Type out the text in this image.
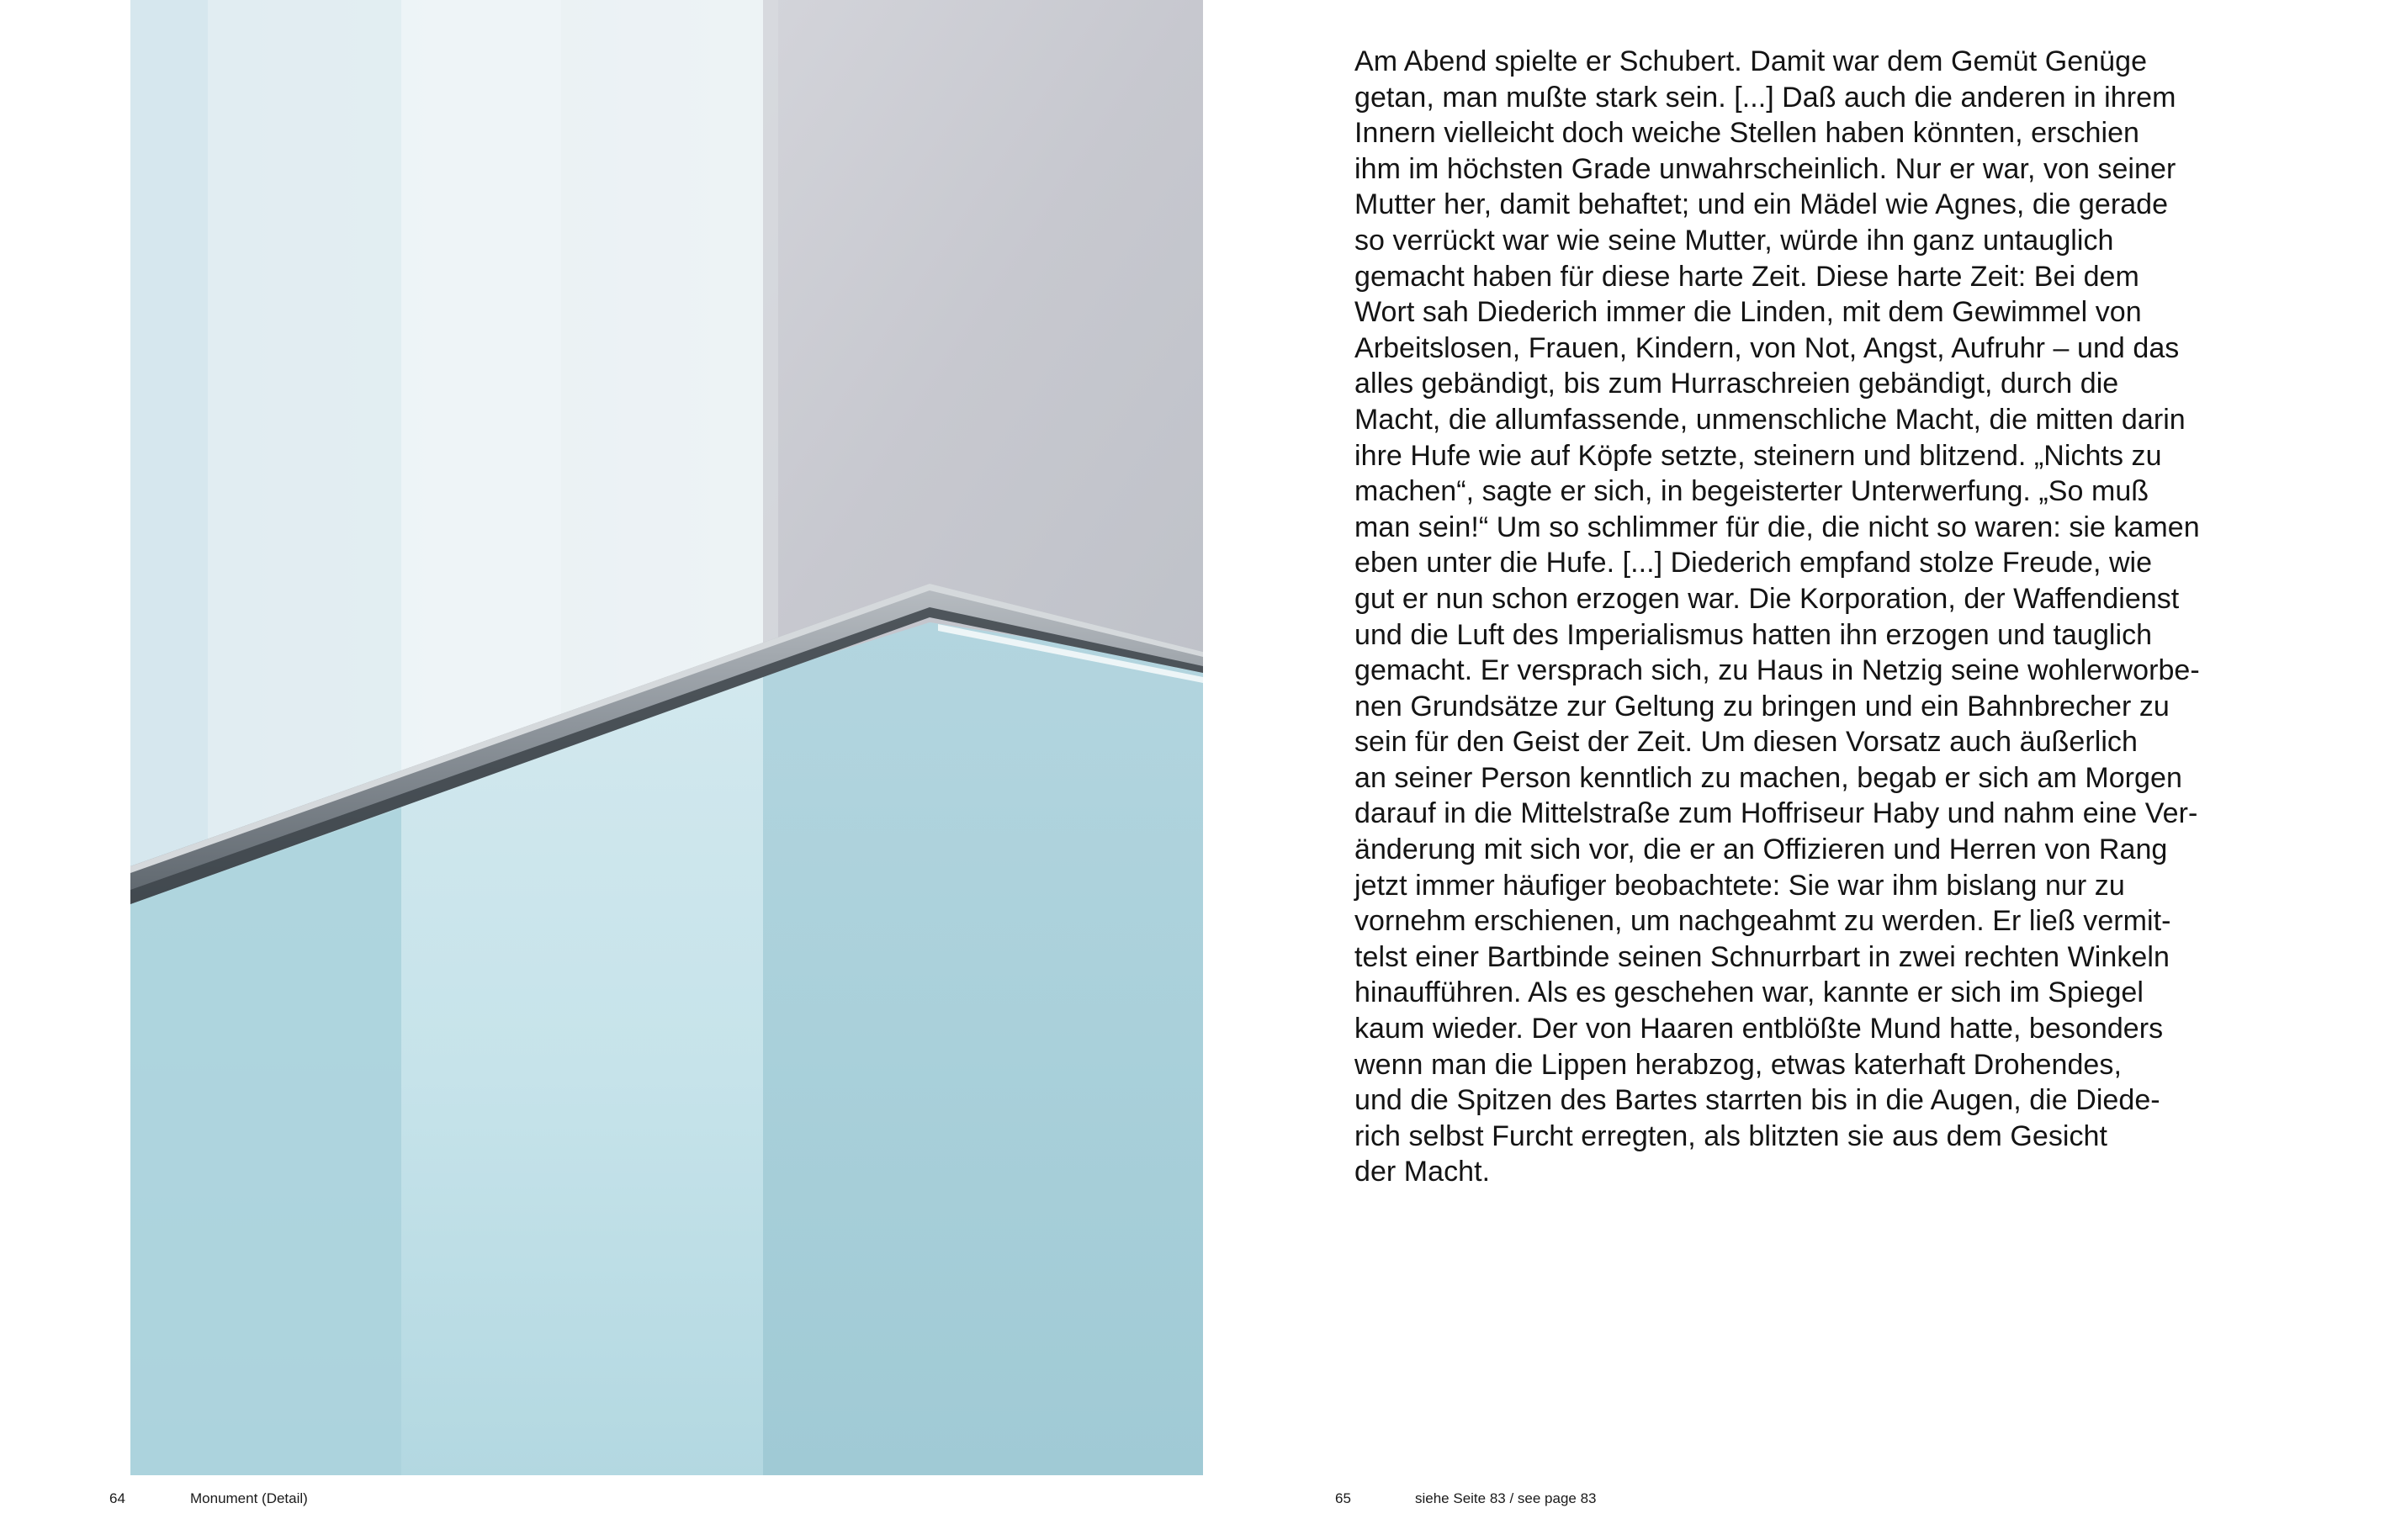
64	Monument (Detail)

Am Abend spielte er Schubert. Damit war dem Gemüt Genüge
getan, man mußte stark sein. [...] Daß auch die anderen in ihrem
Innern vielleicht doch weiche Stellen haben könnten, erschien
ihm im höchsten Grade unwahrscheinlich. Nur er war, von seiner
Mutter her, damit behaftet; und ein Mädel wie Agnes, die gerade
so verrückt war wie seine Mutter, würde ihn ganz untauglich
gemacht haben für diese harte Zeit. Diese harte Zeit: Bei dem
Wort sah Diederich immer die Linden, mit dem Gewimmel von
Arbeitslosen, Frauen, Kindern, von Not, Angst, Aufruhr – und das
alles gebändigt, bis zum Hurraschreien gebändigt, durch die
Macht, die allumfassende, unmenschliche Macht, die mitten darin
ihre Hufe wie auf Köpfe setzte, steinern und blitzend. „Nichts zu
machen“, sagte er sich, in begeisterter Unterwerfung. „So muß
man sein!“ Um so schlimmer für die, die nicht so waren: sie kamen
eben unter die Hufe. [...] Diederich empfand stolze Freude, wie
gut er nun schon erzogen war. Die Korporation, der Waffendienst
und die Luft des Imperialismus hatten ihn erzogen und tauglich
gemacht. Er versprach sich, zu Haus in Netzig seine wohlerworbe-
nen Grundsätze zur Geltung zu bringen und ein Bahnbrecher zu
sein für den Geist der Zeit. Um diesen Vorsatz auch äußerlich
an seiner Person kenntlich zu machen, begab er sich am Morgen
darauf in die Mittelstraße zum Hoffriseur Haby und nahm eine Ver-
änderung mit sich vor, die er an Offizieren und Herren von Rang
jetzt immer häufiger beobachtete: Sie war ihm bislang nur zu
vornehm erschienen, um nachgeahmt zu werden. Er ließ vermit-
telst einer Bartbinde seinen Schnurrbart in zwei rechten Winkeln
hinaufführen. Als es geschehen war, kannte er sich im Spiegel
kaum wieder. Der von Haaren entblößte Mund hatte, besonders
wenn man die Lippen herabzog, etwas katerhaft Drohendes,
und die Spitzen des Bartes starrten bis in die Augen, die Diede-
rich selbst Furcht erregten, als blitzten sie aus dem Gesicht
der Macht.

65	siehe Seite 83 / see page 83
